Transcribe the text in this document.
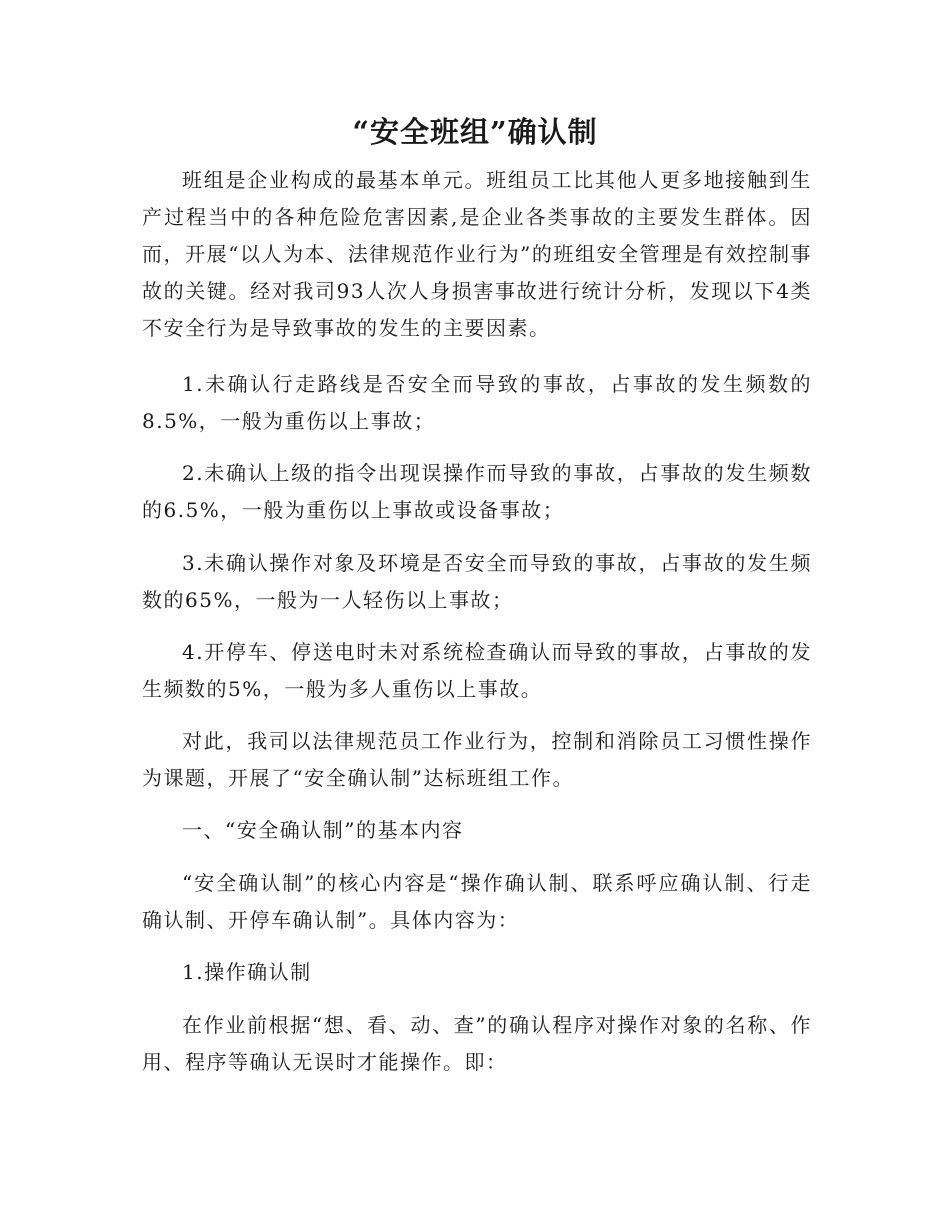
“安全班组”确认制
班组是企业构成的最基本单元。班组员工比其他人更多地接触到生产过程当中的各种危险危害因素,是企业各类事故的主要发生群体。因而，开展“以人为本、法律规范作业行为”的班组安全管理是有效控制事故的关键。经对我司93人次人身损害事故进行统计分析，发现以下4类不安全行为是导致事故的发生的主要因素。
1.未确认行走路线是否安全而导致的事故，占事故的发生频数的8.5%，一般为重伤以上事故；
2.未确认上级的指令出现误操作而导致的事故，占事故的发生频数的6.5%，一般为重伤以上事故或设备事故；
3.未确认操作对象及环境是否安全而导致的事故，占事故的发生频数的65%，一般为一人轻伤以上事故；
4.开停车、停送电时未对系统检查确认而导致的事故，占事故的发生频数的5%，一般为多人重伤以上事故。
对此，我司以法律规范员工作业行为，控制和消除员工习惯性操作为课题，开展了“安全确认制”达标班组工作。
一、“安全确认制”的基本内容
“安全确认制”的核心内容是“操作确认制、联系呼应确认制、行走确认制、开停车确认制”。具体内容为：
1.操作确认制
在作业前根据“想、看、动、查”的确认程序对操作对象的名称、作用、程序等确认无误时才能操作。即：
